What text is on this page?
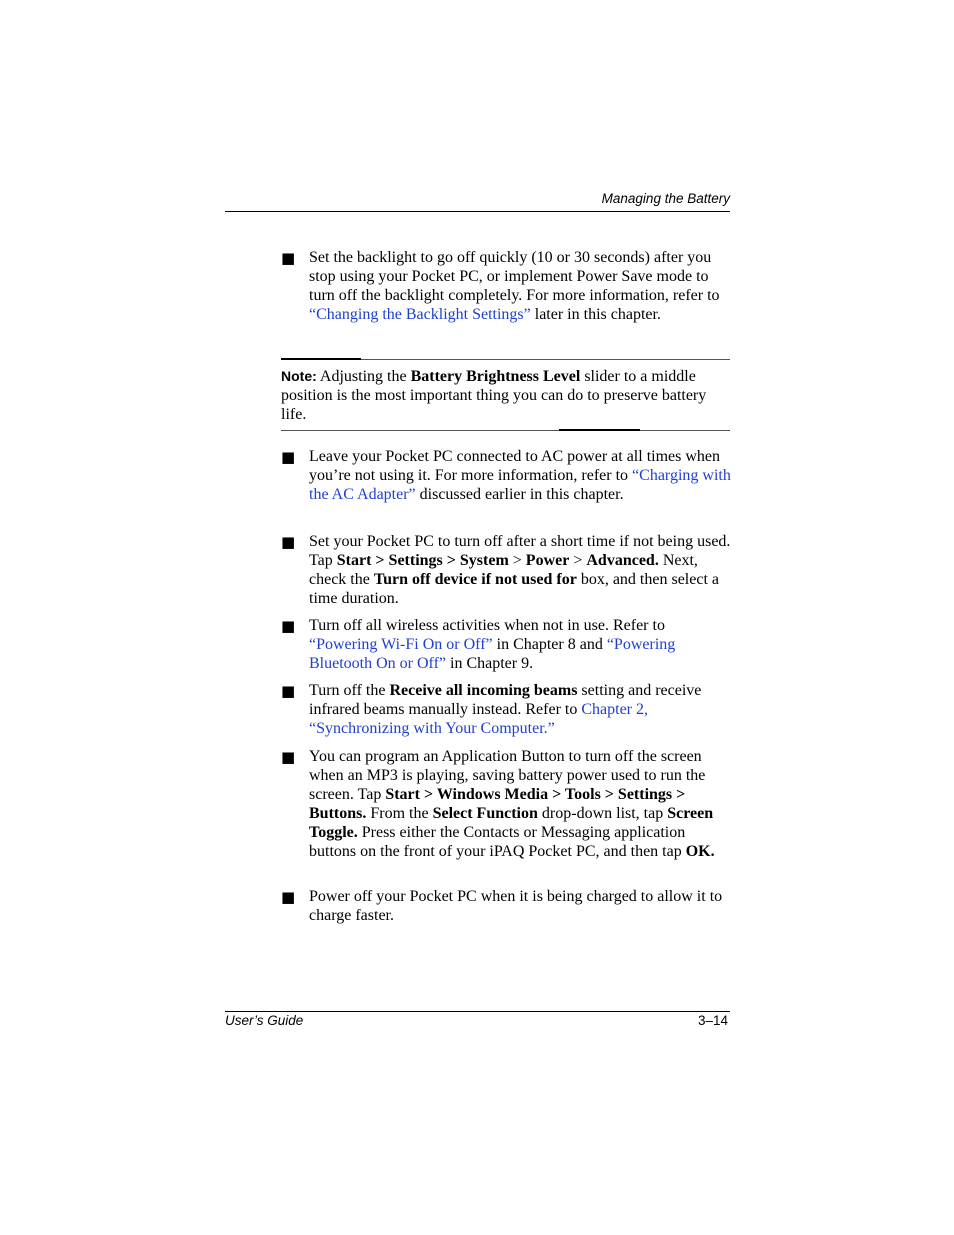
Managing the Battery
■ Set the backlight to go off quickly (10 or 30 seconds) after you stop using your Pocket PC, or implement Power Save mode to turn off the backlight completely. For more information, refer to “Changing the Backlight Settings” later in this chapter.
Note: Adjusting the Battery Brightness Level slider to a middle position is the most important thing you can do to preserve battery life.
■ Leave your Pocket PC connected to AC power at all times when you’re not using it. For more information, refer to “Charging with the AC Adapter” discussed earlier in this chapter.
■ Set your Pocket PC to turn off after a short time if not being used. Tap Start > Settings > System > Power > Advanced. Next, check the Turn off device if not used for box, and then select a time duration.
■ Turn off all wireless activities when not in use. Refer to “Powering Wi-Fi On or Off” in Chapter 8 and “Powering Bluetooth On or Off” in Chapter 9.
■ Turn off the Receive all incoming beams setting and receive infrared beams manually instead. Refer to Chapter 2, “Synchronizing with Your Computer.”
■ You can program an Application Button to turn off the screen when an MP3 is playing, saving battery power used to run the screen. Tap Start > Windows Media > Tools > Settings > Buttons. From the Select Function drop-down list, tap Screen Toggle. Press either the Contacts or Messaging application buttons on the front of your iPAQ Pocket PC, and then tap OK.
■ Power off your Pocket PC when it is being charged to allow it to charge faster.
User’s Guide	3–14
